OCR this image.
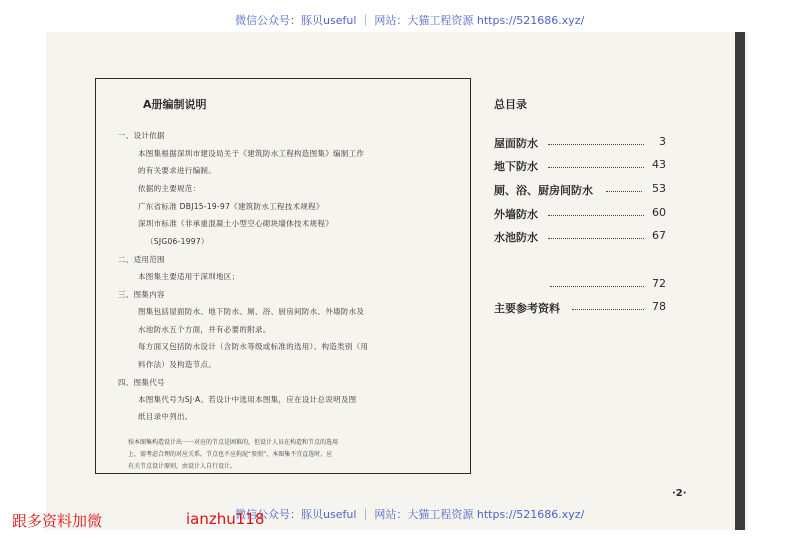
微信公众号：豚贝useful ｜ 网站：大猫工程资源 https://521686.xyz/
A册编制说明
一、设计依据
本图集根据深圳市建设局关于《建筑防水工程构造图集》编制工作
的有关要求进行编制。
依据的主要规范：
广东省标准 DBJ15-19-97《建筑防水工程技术规程》
深圳市标准《非承重混凝土小型空心砌块墙体技术规程》
（SJG06-1997）
二、适用范围
本图集主要适用于深圳地区；
三、图集内容
图集包括屋面防水、地下防水、厕、浴、厨房间防水、外墙防水及
水池防水五个方面，并有必要的附录。
每方面又包括防水设计（含防水等级或标准的选用）、构造类别（用
料作法）及构造节点。
四、图集代号
本图集代号为SJ·A。若设计中选用本图集，应在设计总说明及图
纸目录中列出。
按本图集构造设计出一一对应的节点是困难的，但设计人员在构造和节点的选用
上，需考虑合理的对应关系。节点也不应拘泥“参照”，本图集不宜直选时，应
有关节点设计原则，由设计人自行设计。
总目录
屋面防水	3
地下防水	43
厕、浴、厨房间防水	53
外墙防水	60
水池防水	67
72
主要参考资料	78
·2·
微信公众号：豚贝useful ｜ 网站：大猫工程资源 https://521686.xyz/
跟多资料加微	ianzhu118
